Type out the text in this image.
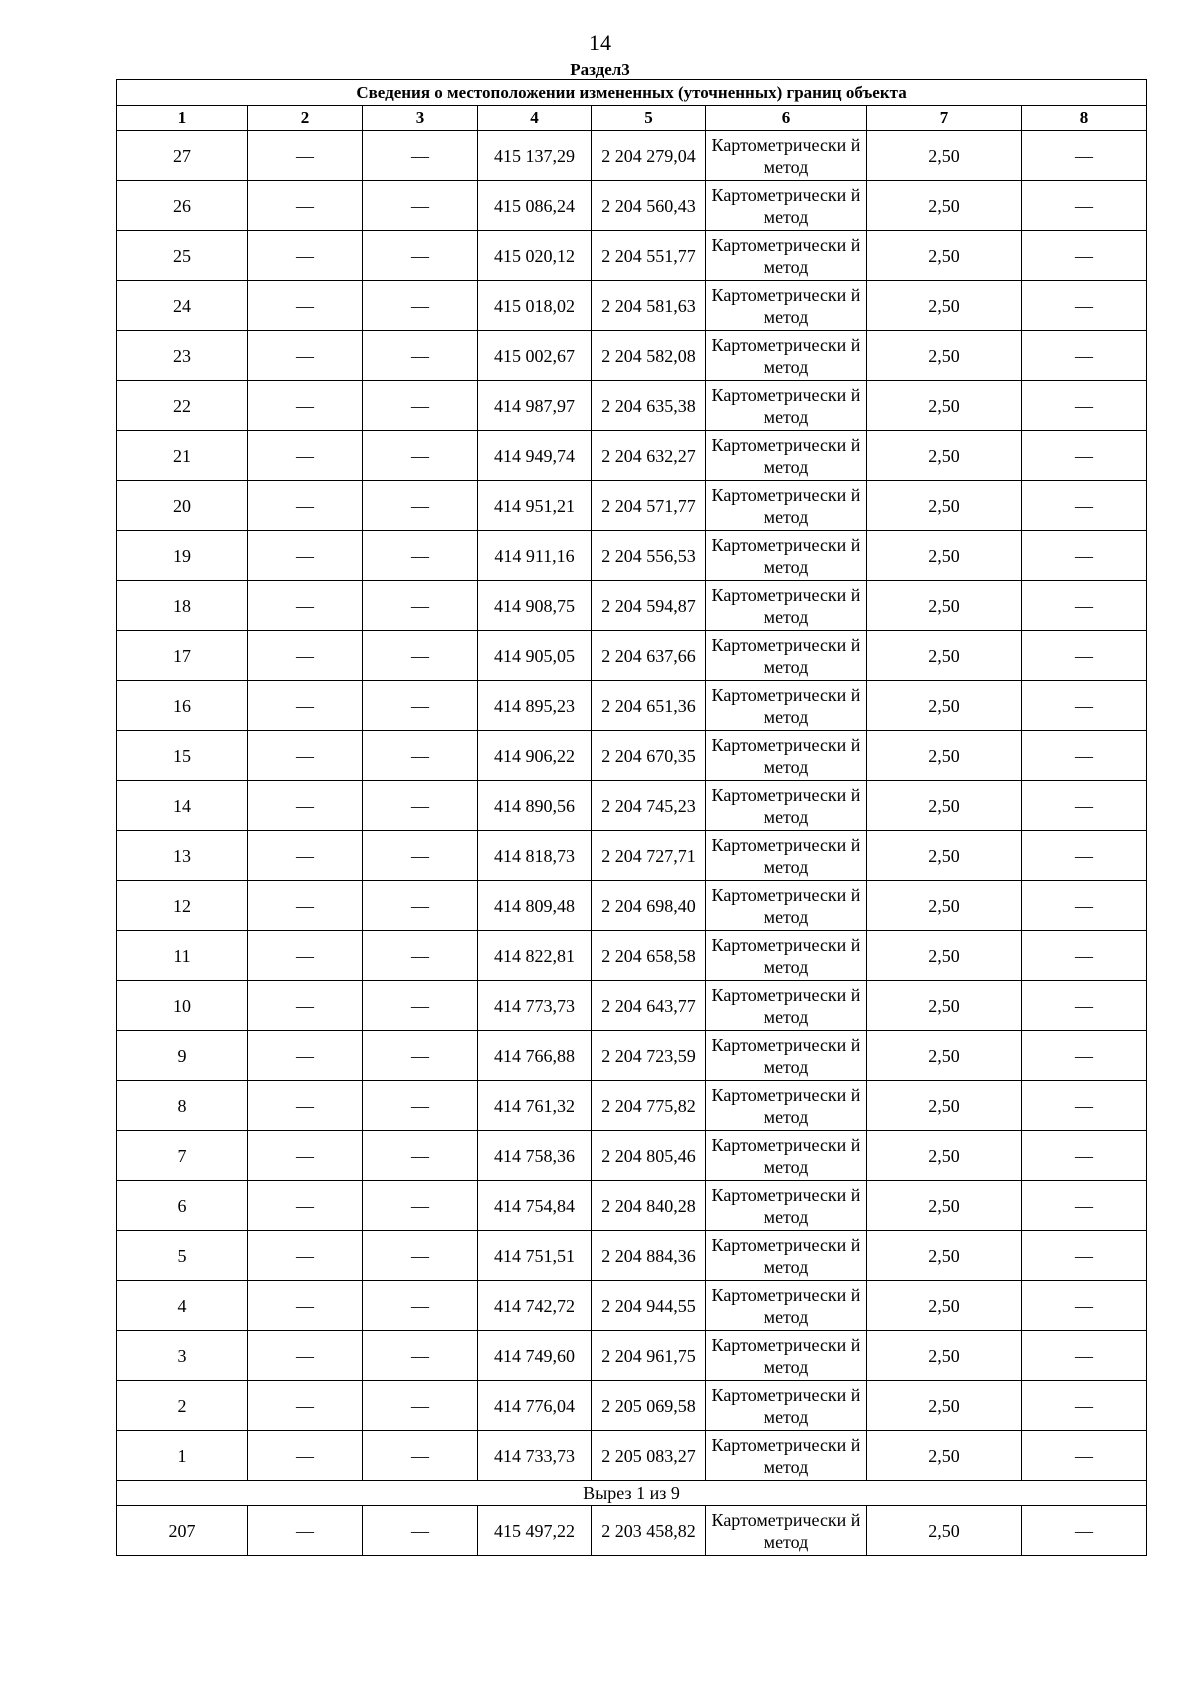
14
Раздел3
Сведения о местоположении измененных (уточненных) границ объекта							
1	2	3	4	5	6	7	8
27	—	—	415 137,29	2 204 279,04	Картометрически й метод	2,50	—
26	—	—	415 086,24	2 204 560,43	Картометрически й метод	2,50	—
25	—	—	415 020,12	2 204 551,77	Картометрически й метод	2,50	—
24	—	—	415 018,02	2 204 581,63	Картометрически й метод	2,50	—
23	—	—	415 002,67	2 204 582,08	Картометрически й метод	2,50	—
22	—	—	414 987,97	2 204 635,38	Картометрически й метод	2,50	—
21	—	—	414 949,74	2 204 632,27	Картометрически й метод	2,50	—
20	—	—	414 951,21	2 204 571,77	Картометрически й метод	2,50	—
19	—	—	414 911,16	2 204 556,53	Картометрически й метод	2,50	—
18	—	—	414 908,75	2 204 594,87	Картометрически й метод	2,50	—
17	—	—	414 905,05	2 204 637,66	Картометрически й метод	2,50	—
16	—	—	414 895,23	2 204 651,36	Картометрически й метод	2,50	—
15	—	—	414 906,22	2 204 670,35	Картометрически й метод	2,50	—
14	—	—	414 890,56	2 204 745,23	Картометрически й метод	2,50	—
13	—	—	414 818,73	2 204 727,71	Картометрически й метод	2,50	—
12	—	—	414 809,48	2 204 698,40	Картометрически й метод	2,50	—
11	—	—	414 822,81	2 204 658,58	Картометрически й метод	2,50	—
10	—	—	414 773,73	2 204 643,77	Картометрически й метод	2,50	—
9	—	—	414 766,88	2 204 723,59	Картометрически й метод	2,50	—
8	—	—	414 761,32	2 204 775,82	Картометрически й метод	2,50	—
7	—	—	414 758,36	2 204 805,46	Картометрически й метод	2,50	—
6	—	—	414 754,84	2 204 840,28	Картометрически й метод	2,50	—
5	—	—	414 751,51	2 204 884,36	Картометрически й метод	2,50	—
4	—	—	414 742,72	2 204 944,55	Картометрически й метод	2,50	—
3	—	—	414 749,60	2 204 961,75	Картометрически й метод	2,50	—
2	—	—	414 776,04	2 205 069,58	Картометрически й метод	2,50	—
1	—	—	414 733,73	2 205 083,27	Картометрически й метод	2,50	—
Вырез 1 из 9							
207	—	—	415 497,22	2 203 458,82	Картометрически й метод	2,50	—
